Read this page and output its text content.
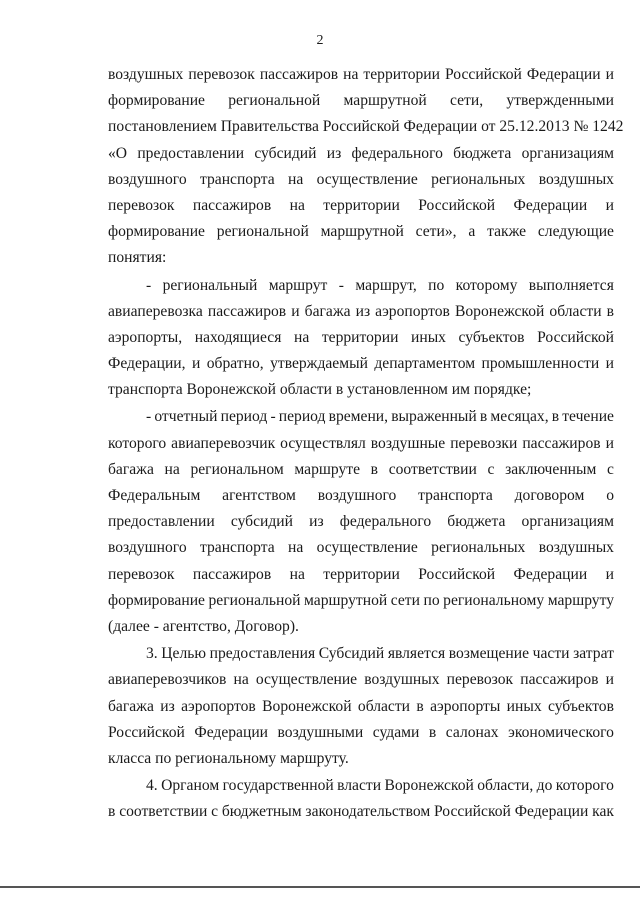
2
воздушных перевозок пассажиров на территории Российской Федерации и
формирование региональной маршрутной сети, утвержденными
постановлением Правительства Российской Федерации от 25.12.2013 № 1242
«О предоставлении субсидий из федерального бюджета организациям
воздушного транспорта на осуществление региональных воздушных
перевозок пассажиров на территории Российской Федерации и
формирование региональной маршрутной сети», а также следующие
понятия:
- региональный маршрут - маршрут, по которому выполняется
авиаперевозка пассажиров и багажа из аэропортов Воронежской области в
аэропорты, находящиеся на территории иных субъектов Российской
Федерации, и обратно, утверждаемый департаментом промышленности и
транспорта Воронежской области в установленном им порядке;
- отчетный период - период времени, выраженный в месяцах, в течение
которого авиаперевозчик осуществлял воздушные перевозки пассажиров и
багажа на региональном маршруте в соответствии с заключенным с
Федеральным агентством воздушного транспорта договором о
предоставлении субсидий из федерального бюджета организациям
воздушного транспорта на осуществление региональных воздушных
перевозок пассажиров на территории Российской Федерации и
формирование региональной маршрутной сети по региональному маршруту
(далее - агентство, Договор).
3. Целью предоставления Субсидий является возмещение части затрат
авиаперевозчиков на осуществление воздушных перевозок пассажиров и
багажа из аэропортов Воронежской области в аэропорты иных субъектов
Российской Федерации воздушными судами в салонах экономического
класса по региональному маршруту.
4. Органом государственной власти Воронежской области, до которого
в соответствии с бюджетным законодательством Российской Федерации как
